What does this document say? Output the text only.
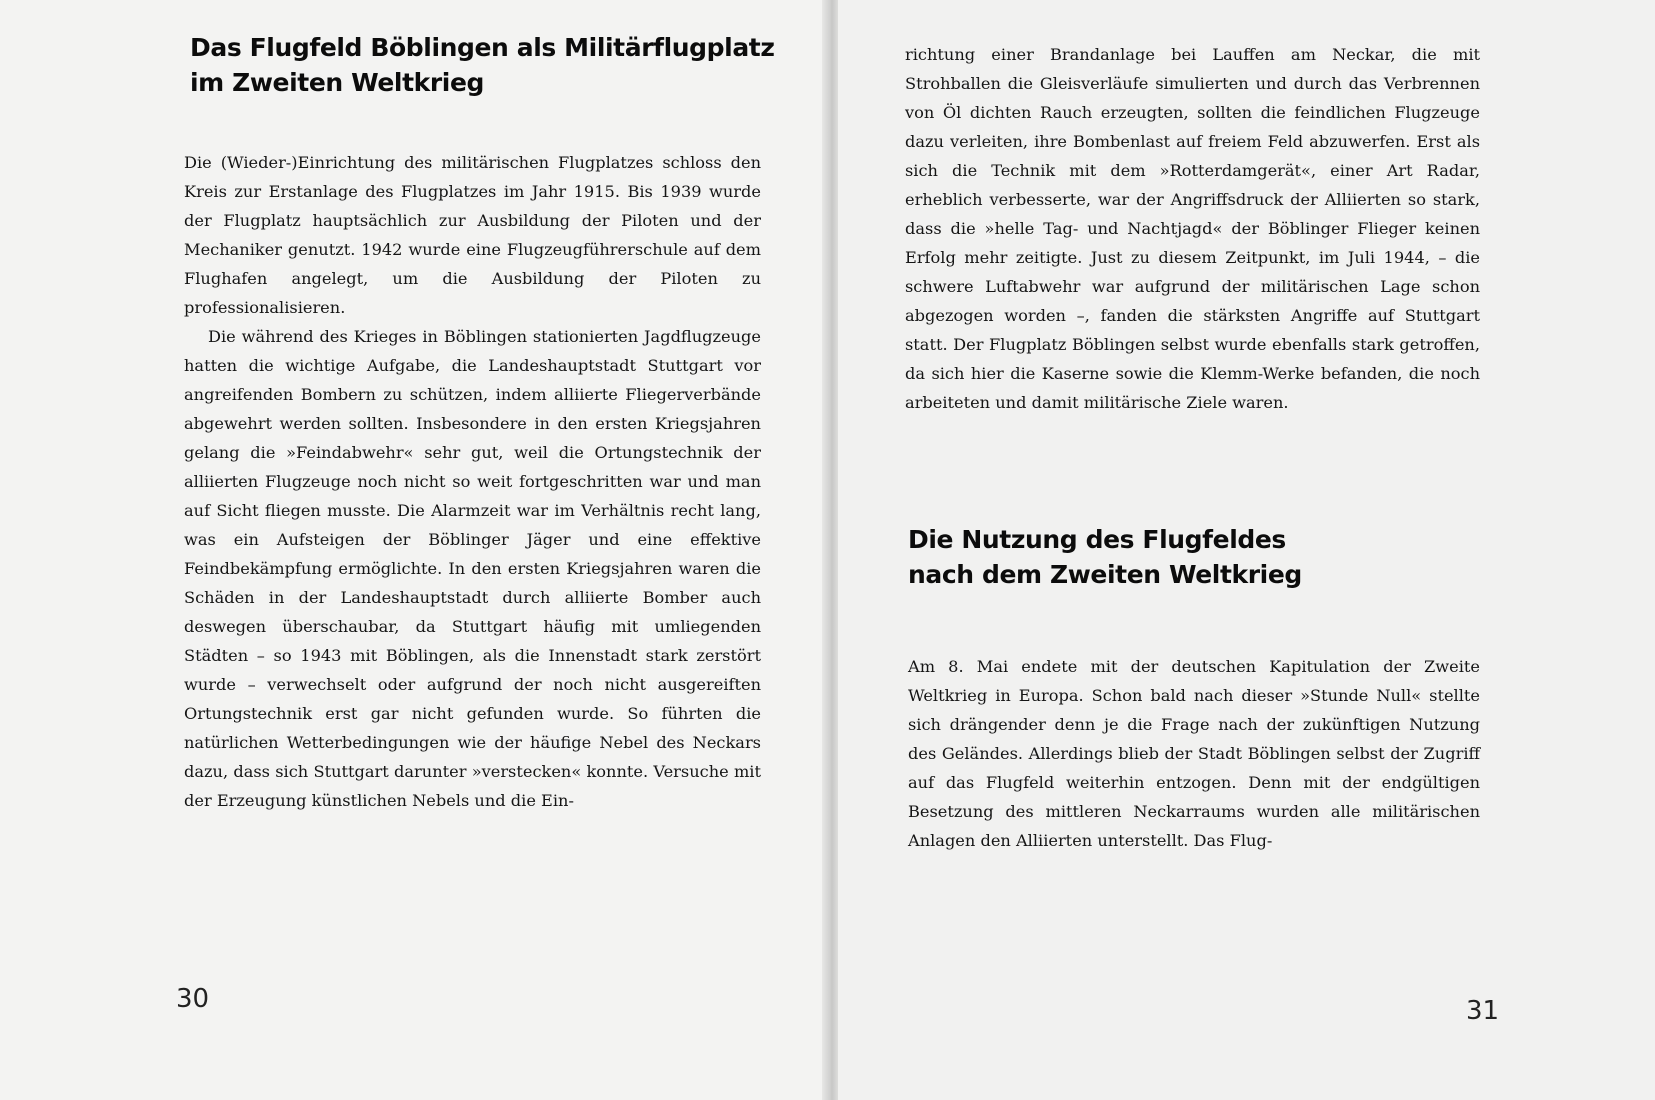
Das Flugfeld Böblingen als Militärflugplatz
im Zweiten Weltkrieg

Die (Wieder-)Einrichtung des militärischen Flugplatzes schloss den Kreis zur Erstanlage des Flugplatzes im Jahr 1915. Bis 1939 wurde der Flugplatz hauptsächlich zur Ausbildung der Piloten und der Mechaniker genutzt. 1942 wurde eine Flugzeugführerschule auf dem Flughafen angelegt, um die Ausbildung der Piloten zu professionalisieren.

Die während des Krieges in Böblingen stationierten Jagdflugzeuge hatten die wichtige Aufgabe, die Landeshauptstadt Stuttgart vor angreifenden Bombern zu schützen, indem alliierte Fliegerverbände abgewehrt werden sollten. Insbesondere in den ersten Kriegsjahren gelang die »Feindabwehr« sehr gut, weil die Ortungstechnik der alliierten Flugzeuge noch nicht so weit fortgeschritten war und man auf Sicht fliegen musste. Die Alarmzeit war im Verhältnis recht lang, was ein Aufsteigen der Böblinger Jäger und eine effektive Feindbekämpfung ermöglichte. In den ersten Kriegsjahren waren die Schäden in der Landeshauptstadt durch alliierte Bomber auch deswegen überschaubar, da Stuttgart häufig mit umliegenden Städten – so 1943 mit Böblingen, als die Innenstadt stark zerstört wurde – verwechselt oder aufgrund der noch nicht ausgereiften Ortungstechnik erst gar nicht gefunden wurde. So führten die natürlichen Wetterbedingungen wie der häufige Nebel des Neckars dazu, dass sich Stuttgart darunter »verstecken« konnte. Versuche mit der Erzeugung künstlichen Nebels und die Ein-

30

richtung einer Brandanlage bei Lauffen am Neckar, die mit Strohballen die Gleisverläufe simulierten und durch das Verbrennen von Öl dichten Rauch erzeugten, sollten die feindlichen Flugzeuge dazu verleiten, ihre Bombenlast auf freiem Feld abzuwerfen. Erst als sich die Technik mit dem »Rotterdamgerät«, einer Art Radar, erheblich verbesserte, war der Angriffsdruck der Alliierten so stark, dass die »helle Tag- und Nachtjagd« der Böblinger Flieger keinen Erfolg mehr zeitigte. Just zu diesem Zeitpunkt, im Juli 1944, – die schwere Luftabwehr war aufgrund der militärischen Lage schon abgezogen worden –, fanden die stärksten Angriffe auf Stuttgart statt. Der Flugplatz Böblingen selbst wurde ebenfalls stark getroffen, da sich hier die Kaserne sowie die Klemm-Werke befanden, die noch arbeiteten und damit militärische Ziele waren.

Die Nutzung des Flugfeldes
nach dem Zweiten Weltkrieg

Am 8. Mai endete mit der deutschen Kapitulation der Zweite Weltkrieg in Europa. Schon bald nach dieser »Stunde Null« stellte sich drängender denn je die Frage nach der zukünftigen Nutzung des Geländes. Allerdings blieb der Stadt Böblingen selbst der Zugriff auf das Flugfeld weiterhin entzogen. Denn mit der endgültigen Besetzung des mittleren Neckarraums wurden alle militärischen Anlagen den Alliierten unterstellt. Das Flug-

31
